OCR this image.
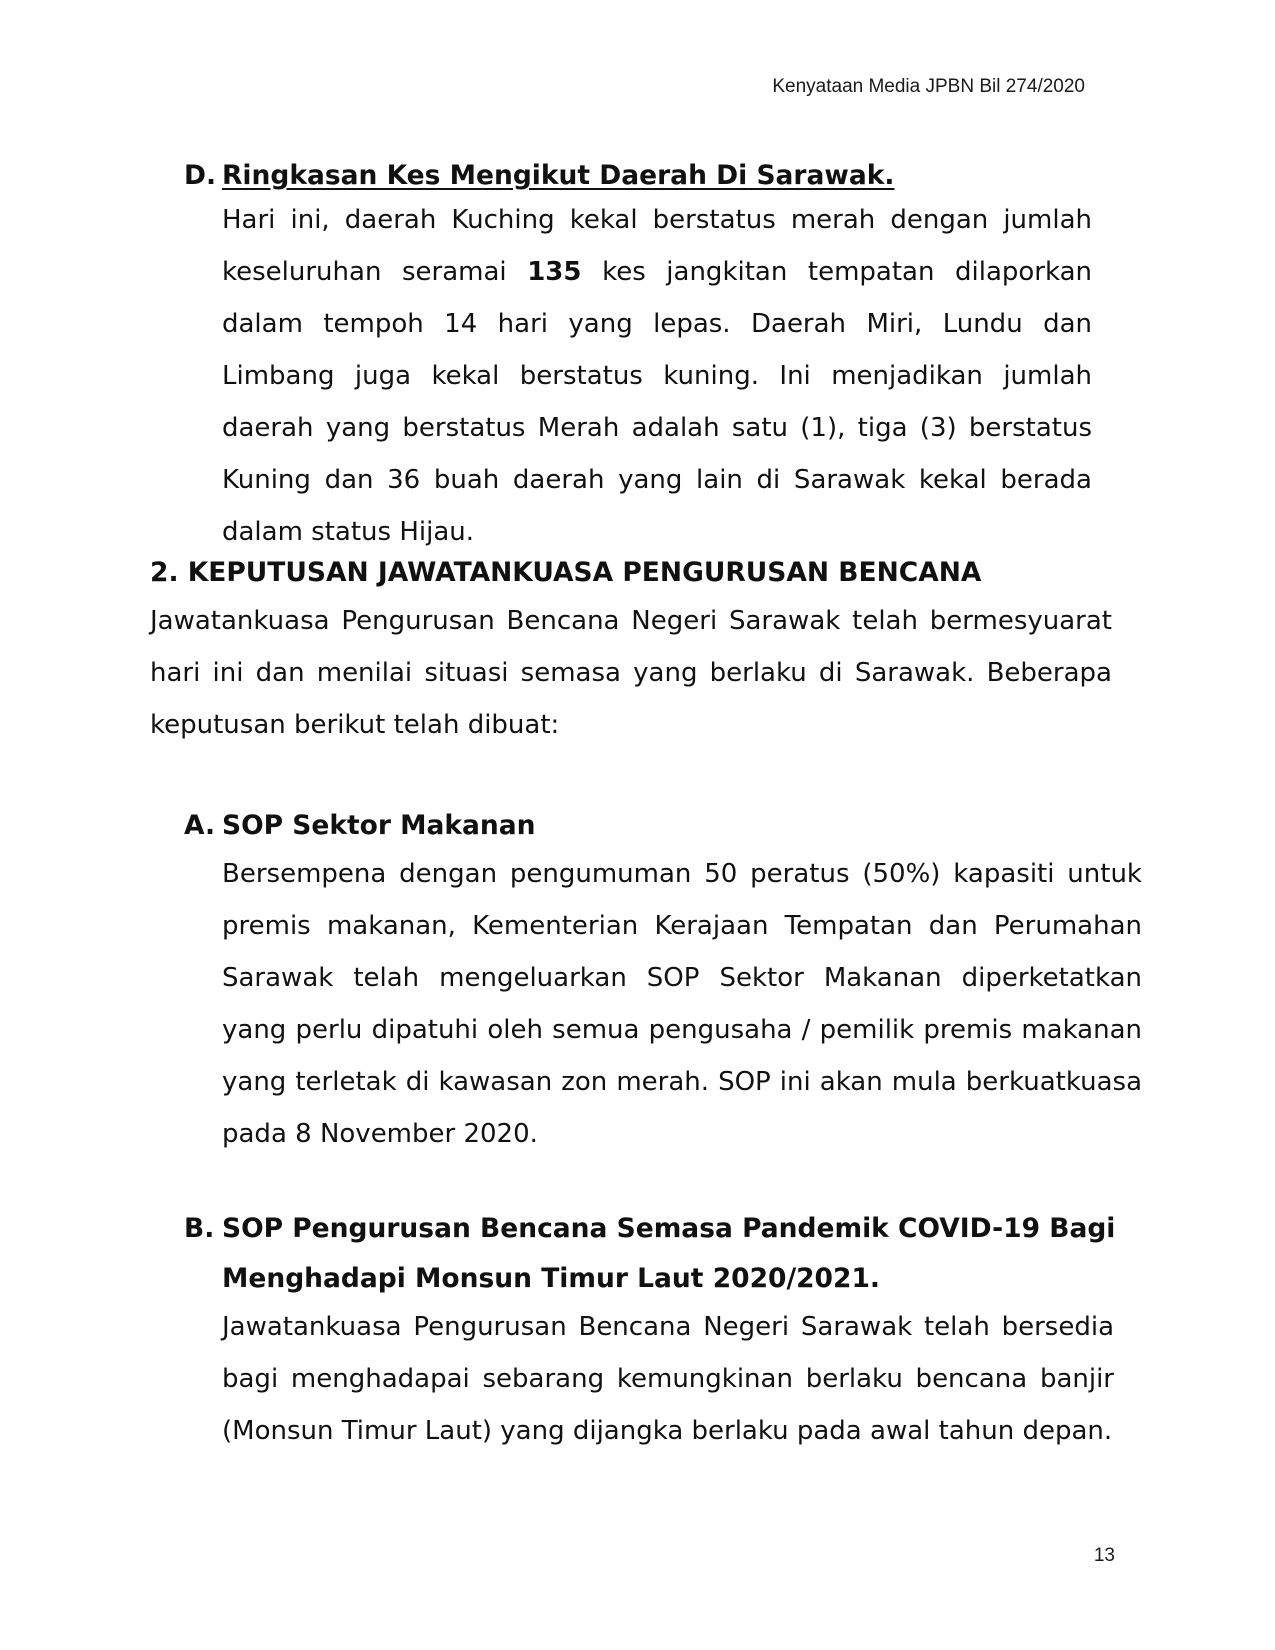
Kenyataan Media JPBN Bil 274/2020
D. Ringkasan Kes Mengikut Daerah Di Sarawak.

Hari ini, daerah Kuching kekal berstatus merah dengan jumlah keseluruhan seramai 135 kes jangkitan tempatan dilaporkan dalam tempoh 14 hari yang lepas. Daerah Miri, Lundu dan Limbang juga kekal berstatus kuning. Ini menjadikan jumlah daerah yang berstatus Merah adalah satu (1), tiga (3) berstatus Kuning dan 36 buah daerah yang lain di Sarawak kekal berada dalam status Hijau.

2. KEPUTUSAN JAWATANKUASA PENGURUSAN BENCANA

Jawatankuasa Pengurusan Bencana Negeri Sarawak telah bermesyuarat hari ini dan menilai situasi semasa yang berlaku di Sarawak. Beberapa keputusan berikut telah dibuat:

A. SOP Sektor Makanan

Bersempena dengan pengumuman 50 peratus (50%) kapasiti untuk premis makanan, Kementerian Kerajaan Tempatan dan Perumahan Sarawak telah mengeluarkan SOP Sektor Makanan diperketatkan yang perlu dipatuhi oleh semua pengusaha / pemilik premis makanan yang terletak di kawasan zon merah. SOP ini akan mula berkuatkuasa pada 8 November 2020.

B. SOP Pengurusan Bencana Semasa Pandemik COVID-19 Bagi
Menghadapi Monsun Timur Laut 2020/2021.

Jawatankuasa Pengurusan Bencana Negeri Sarawak telah bersedia bagi menghadapai sebarang kemungkinan berlaku bencana banjir (Monsun Timur Laut) yang dijangka berlaku pada awal tahun depan.

13
